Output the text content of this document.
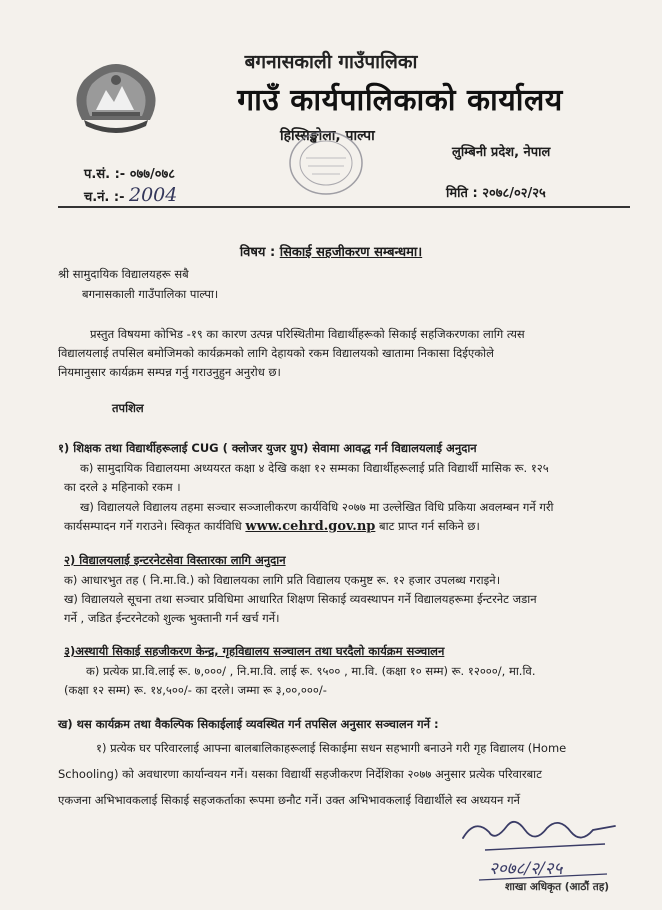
बगनासकाली गाउँपालिका
गाउँ कार्यपालिकाको कार्यालय
हिस्सिङ्खोला, पाल्पा
लुम्बिनी प्रदेश, नेपाल
प.सं. :- ०७७/०७८
च.नं. :- 2004	मिति : २०७८/०२/२५
विषय : सिकाई सहजीकरण सम्बन्धमा।
श्री सामुदायिक विद्यालयहरू सबै
बगनासकाली गाउँपालिका पाल्पा।
प्रस्तुत विषयमा कोभिड -१९ का कारण उत्पन्न परिस्थितीमा विद्यार्थीहरूको सिकाई सहजिकरणका लागि त्यस
विद्यालयलाई तपसिल बमोजिमको कार्यक्रमको लागि देहायको रकम विद्यालयको खातामा निकासा दिईएकोले
नियमानुसार कार्यक्रम सम्पन्न गर्नु गराउनुहुन अनुरोध छ।
तपशिल
१) शिक्षक तथा विद्यार्थीहरूलाई CUG ( क्लोजर युजर ग्रुप) सेवामा आवद्ध गर्न विद्यालयलाई अनुदान
क) सामुदायिक विद्यालयमा अध्ययरत कक्षा ४ देखि कक्षा १२ सम्मका विद्यार्थीहरूलाई प्रति विद्यार्थी मासिक रू. १२५
का दरले ३ महिनाको रकम ।
ख) विद्यालयले विद्यालय तहमा सञ्चार सञ्जालीकरण कार्यविधि २०७७ मा उल्लेखित विधि प्रकिया अवलम्बन गर्ने गरी
कार्यसम्पादन गर्ने गराउने। स्विकृत कार्यविधि www.cehrd.gov.np बाट प्राप्त गर्न सकिने छ।
२) विद्यालयलाई इन्टरनेटसेवा विस्तारका लागि अनुदान
क) आधारभुत तह ( नि.मा.वि.) को विद्यालयका लागि प्रति विद्यालय एकमुष्ट रू. १२ हजार उपलब्ध गराइने।
ख) विद्यालयले सूचना तथा सञ्चार प्रविधिमा आधारित शिक्षण सिकाई व्यवस्थापन गर्ने विद्यालयहरूमा ईन्टरनेट जडान
गर्ने , जडित ईन्टरनेटको शुल्क भुक्तानी गर्न खर्च गर्ने।
३)अस्थायी सिकाई सहजीकरण केन्द्र, गृहविद्यालय सञ्चालन तथा घरदैलो कार्यक्रम सञ्चालन
क) प्रत्येक प्रा.वि.लाई रू. ७,०००/ , नि.मा.वि. लाई रू. ९५०० , मा.वि. (कक्षा १० सम्म) रू. १२०००/, मा.वि.
(कक्षा १२ सम्म) रू. १४,५००/- का दरले। जम्मा रू ३,००,०००/-
ख) थस कार्यक्रम तथा वैकल्पिक सिकाईलाई व्यवस्थित गर्न तपसिल अनुसार सञ्चालन गर्ने :
१) प्रत्येक घर परिवारलाई आफ्ना बालबालिकाहरूलाई सिकाईमा सधन सहभागी बनाउने गरी गृह विद्यालय (Home
Schooling) को अवधारणा कार्यान्वयन गर्ने। यसका विद्यार्थी सहजीकरण निर्देशिका २०७७ अनुसार प्रत्येक परिवारबाट
एकजना अभिभावकलाई सिकाई सहजकर्ताका रूपमा छनौट गर्ने। उक्त अभिभावकलाई विद्यार्थीले स्व अध्ययन गर्ने
२०७८/२/२५
शाखा अधिकृत (आठौं तह)
